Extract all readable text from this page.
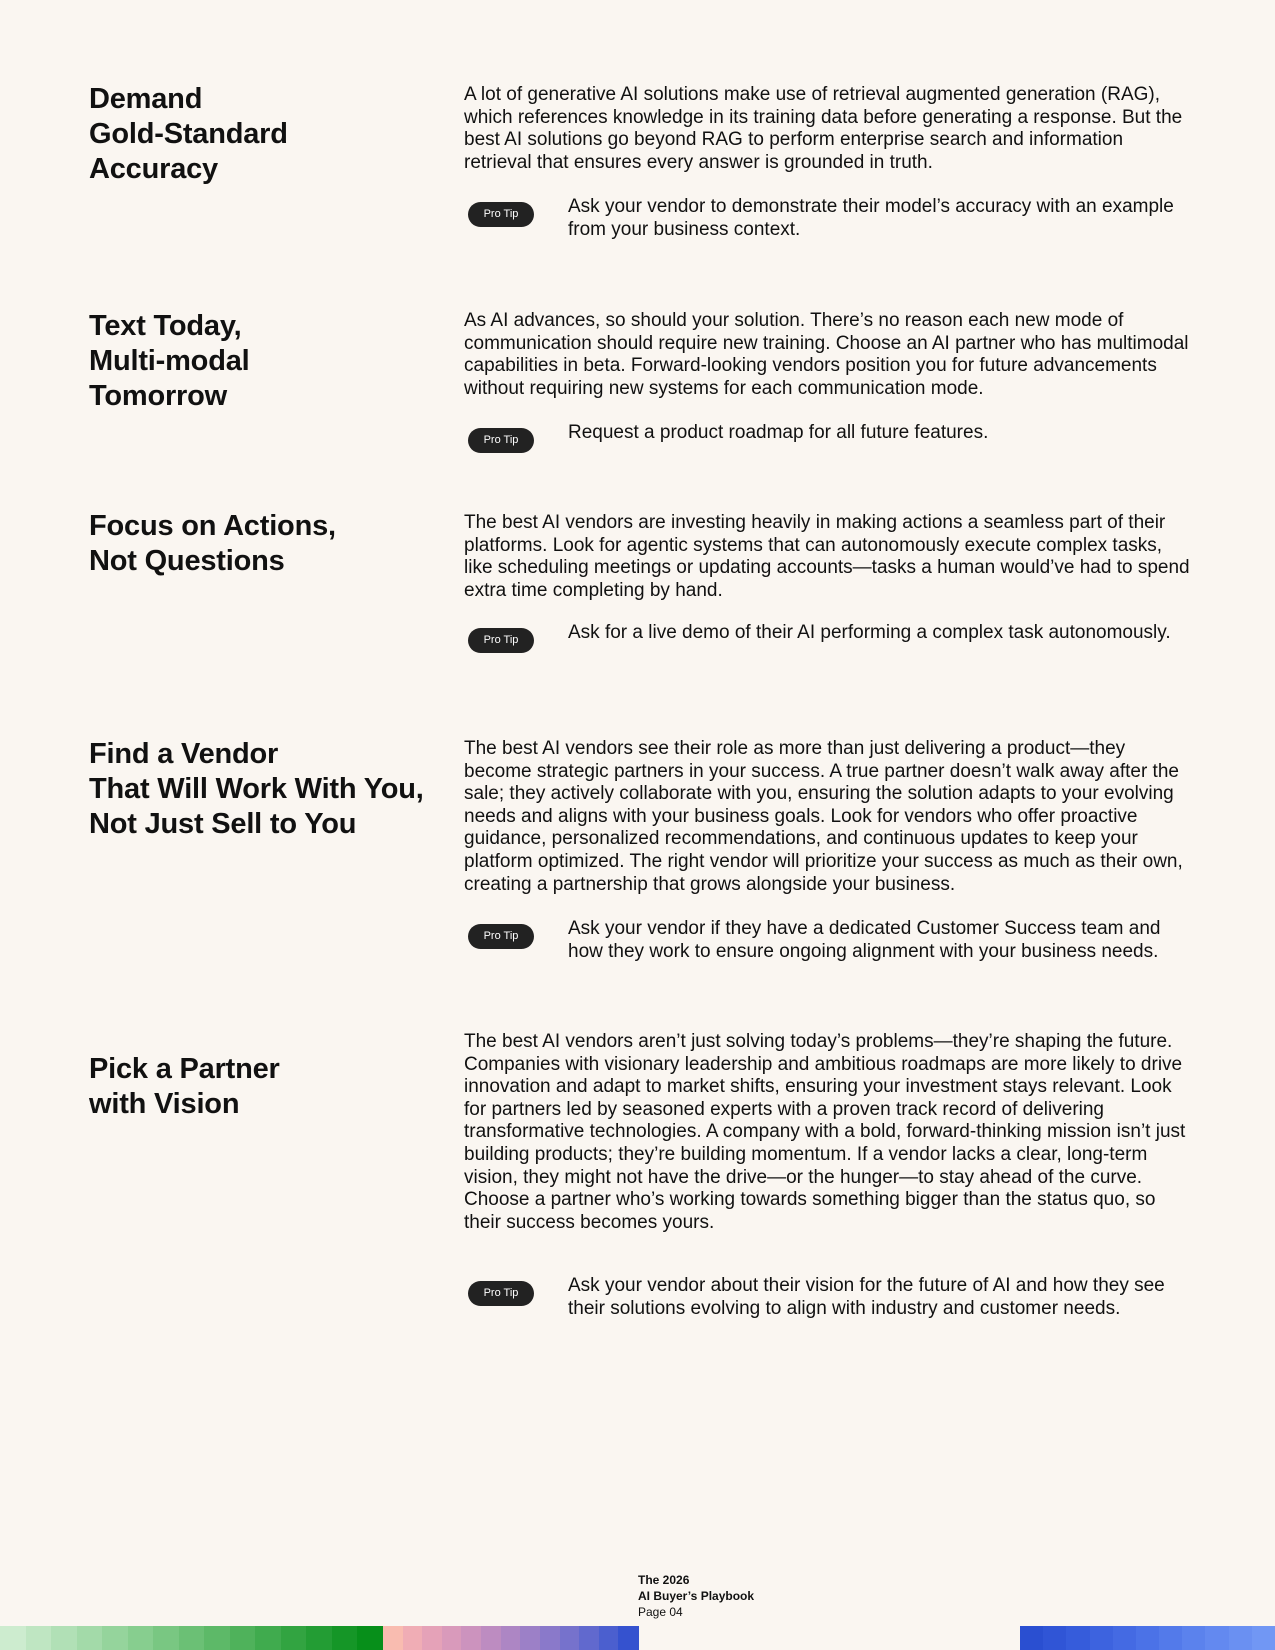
Demand
Gold-Standard
Accuracy

A lot of generative AI solutions make use of retrieval augmented generation (RAG), which references knowledge in its training data before generating a response. But the best AI solutions go beyond RAG to perform enterprise search and information retrieval that ensures every answer is grounded in truth.

Pro Tip	Ask your vendor to demonstrate their model’s accuracy with an example from your business context.

Text Today,
Multi-modal
Tomorrow

As AI advances, so should your solution. There’s no reason each new mode of communication should require new training. Choose an AI partner who has multimodal capabilities in beta. Forward-looking vendors position you for future advancements without requiring new systems for each communication mode.

Pro Tip	Request a product roadmap for all future features.

Focus on Actions,
Not Questions

The best AI vendors are investing heavily in making actions a seamless part of their platforms. Look for agentic systems that can autonomously execute complex tasks, like scheduling meetings or updating accounts—tasks a human would’ve had to spend extra time completing by hand.

Pro Tip	Ask for a live demo of their AI performing a complex task autonomously.

Find a Vendor
That Will Work With You,
Not Just Sell to You

The best AI vendors see their role as more than just delivering a product—they become strategic partners in your success. A true partner doesn’t walk away after the sale; they actively collaborate with you, ensuring the solution adapts to your evolving needs and aligns with your business goals. Look for vendors who offer proactive guidance, personalized recommendations, and continuous updates to keep your platform optimized. The right vendor will prioritize your success as much as their own, creating a partnership that grows alongside your business.

Pro Tip	Ask your vendor if they have a dedicated Customer Success team and how they work to ensure ongoing alignment with your business needs.

Pick a Partner
with Vision

The best AI vendors aren’t just solving today’s problems—they’re shaping the future. Companies with visionary leadership and ambitious roadmaps are more likely to drive innovation and adapt to market shifts, ensuring your investment stays relevant. Look for partners led by seasoned experts with a proven track record of delivering transformative technologies. A company with a bold, forward-thinking mission isn’t just building products; they’re building momentum. If a vendor lacks a clear, long-term vision, they might not have the drive—or the hunger—to stay ahead of the curve. Choose a partner who’s working towards something bigger than the status quo, so their success becomes yours.

Pro Tip	Ask your vendor about their vision for the future of AI and how they see their solutions evolving to align with industry and customer needs.

The 2026
AI Buyer’s Playbook
Page 04
